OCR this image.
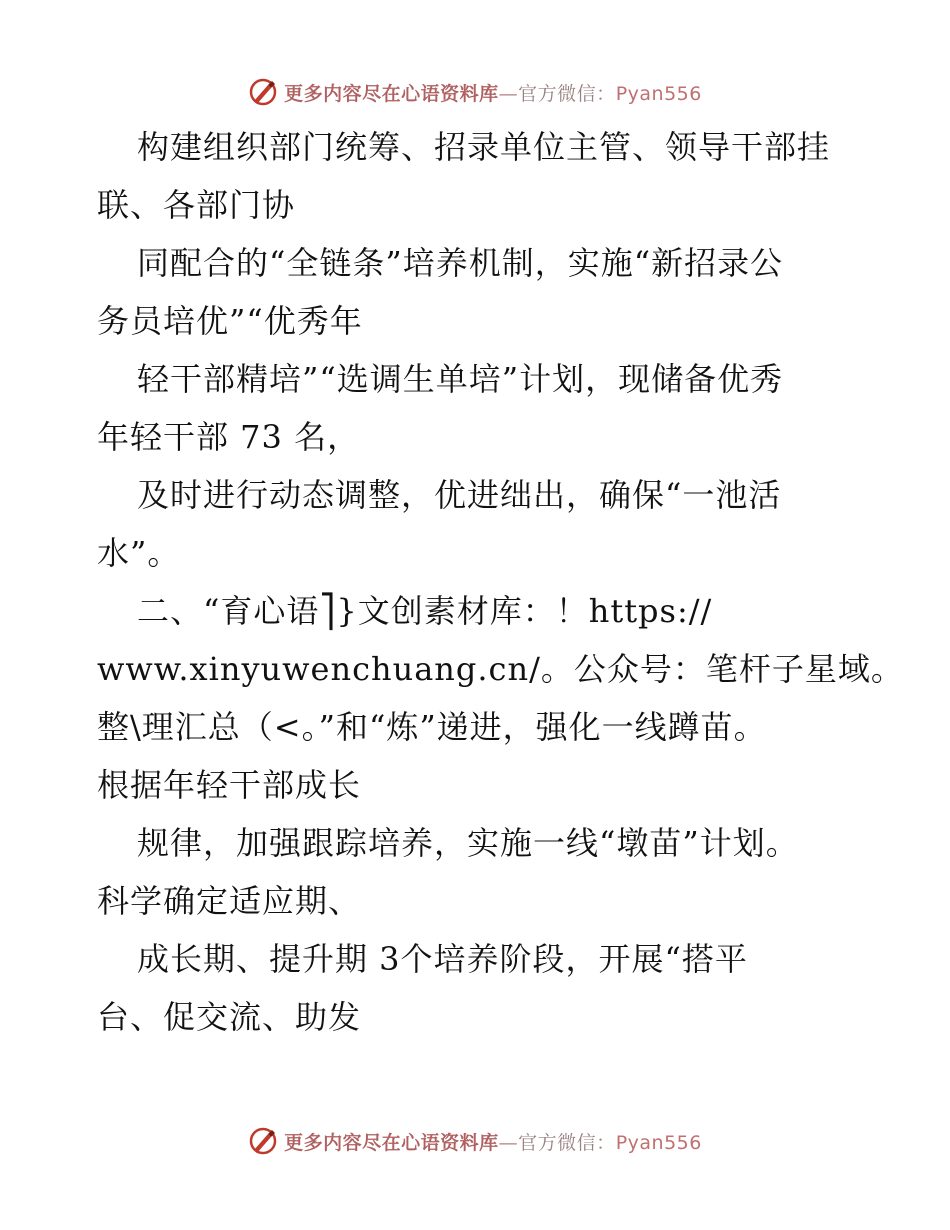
更多内容尽在心语资料库—官方微信：Pyan556
构建组织部门统筹、招录单位主管、领导干部挂
联、各部门协
同配合的“全链条”培养机制，实施“新招录公
务员培优”“优秀年
轻干部精培”“选调生单培”计划，现储备优秀
年轻干部 73 名，
及时进行动态调整，优进绌出，确保“一池活
水”。
二、“育心语⎤}文创素材库：！https://
www.xinyuwenchuang.cn/。公众号：笔杆子星域。
整\理汇总（<。”和“炼”递进，强化一线蹲苗。
根据年轻干部成长
规律，加强跟踪培养，实施一线“墩苗”计划。
科学确定适应期、
成长期、提升期 3个培养阶段，开展“搭平
台、促交流、助发
更多内容尽在心语资料库—官方微信：Pyan556
